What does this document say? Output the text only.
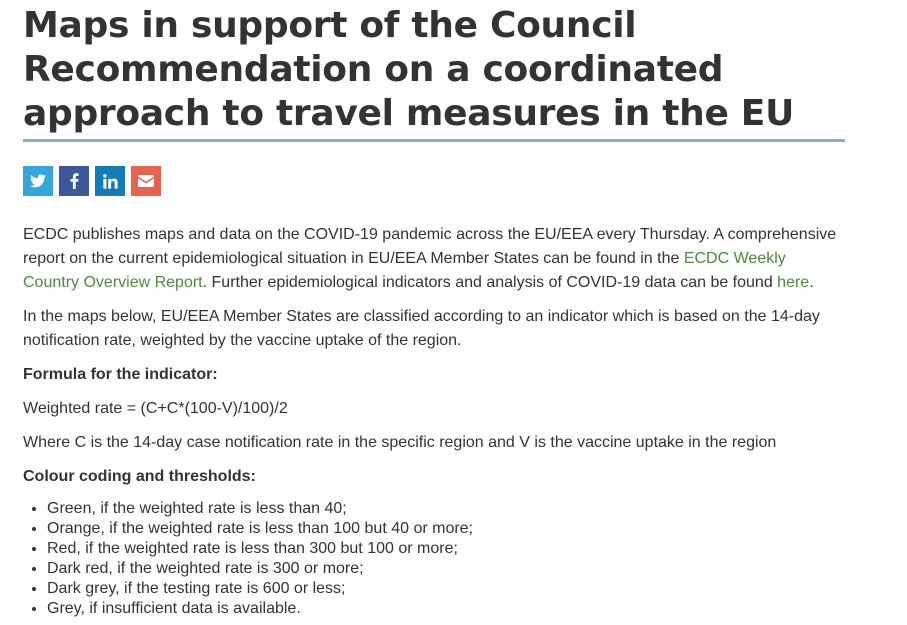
Maps in support of the Council Recommendation on a coordinated approach to travel measures in the EU

ECDC publishes maps and data on the COVID-19 pandemic across the EU/EEA every Thursday. A comprehensive report on the current epidemiological situation in EU/EEA Member States can be found in the ECDC Weekly Country Overview Report. Further epidemiological indicators and analysis of COVID-19 data can be found here.

In the maps below, EU/EEA Member States are classified according to an indicator which is based on the 14-day notification rate, weighted by the vaccine uptake of the region.

Formula for the indicator:

Weighted rate = (C+C*(100-V)/100)/2

Where C is the 14-day case notification rate in the specific region and V is the vaccine uptake in the region

Colour coding and thresholds:

• Green, if the weighted rate is less than 40;
• Orange, if the weighted rate is less than 100 but 40 or more;
• Red, if the weighted rate is less than 300 but 100 or more;
• Dark red, if the weighted rate is 300 or more;
• Dark grey, if the testing rate is 600 or less;
• Grey, if insufficient data is available.
